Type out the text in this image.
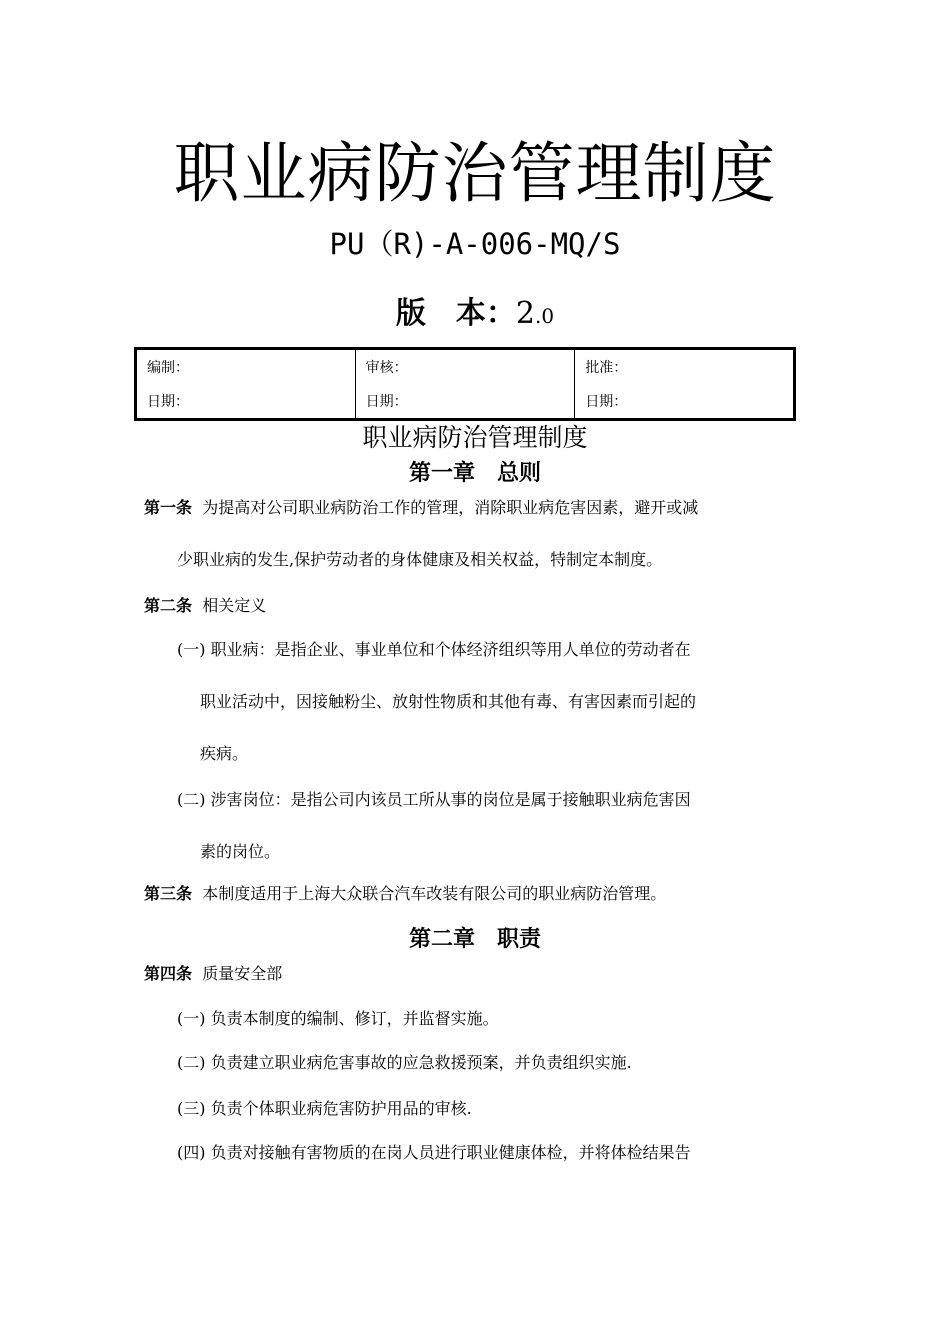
职业病防治管理制度
PU（R)-A-006-MQ/S
版　本：2.0
编制：	审核：	批准：
日期：	日期：	日期：
职业病防治管理制度
第一章　总则
第一条 为提高对公司职业病防治工作的管理，消除职业病危害因素，避开或减
少职业病的发生,保护劳动者的身体健康及相关权益，特制定本制度。
第二条 相关定义
(一) 职业病：是指企业、事业单位和个体经济组织等用人单位的劳动者在
职业活动中，因接触粉尘、放射性物质和其他有毒、有害因素而引起的
疾病。
(二) 涉害岗位：是指公司内该员工所从事的岗位是属于接触职业病危害因
素的岗位。
第三条 本制度适用于上海大众联合汽车改装有限公司的职业病防治管理。
第二章　职责
第四条 质量安全部
(一) 负责本制度的编制、修订，并监督实施。
(二) 负责建立职业病危害事故的应急救援预案，并负责组织实施.
(三) 负责个体职业病危害防护用品的审核.
(四) 负责对接触有害物质的在岗人员进行职业健康体检，并将体检结果告
